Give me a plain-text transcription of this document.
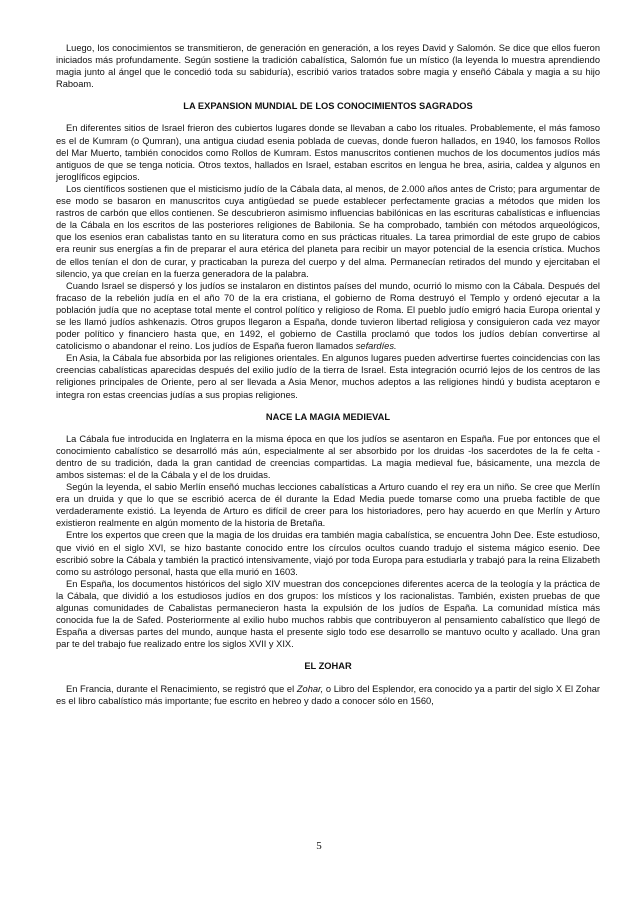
Luego, los conocimientos se transmitieron, de generación en generación, a los reyes David y Salomón. Se dice que ellos fueron iniciados más profundamente. Según sostiene la tradición cabalística, Salomón fue un místico (la leyenda lo muestra aprendiendo magia junto al ángel que le concedió toda su sabiduría), escribió varios tratados sobre magia y enseñó Cábala y magia a su hijo Raboam.

LA EXPANSION MUNDIAL DE LOS CONOCIMIENTOS SAGRADOS

En diferentes sitios de Israel frieron des cubiertos lugares donde se llevaban a cabo los rituales. Probablemente, el más famoso es el de Kumram (o Qumran), una antigua ciudad esenia poblada de cuevas, donde fueron hallados, en 1940, los famosos Rollos del Mar Muerto, también conocidos como Rollos de Kumram. Estos manuscritos contienen muchos de los documentos judíos más antiguos de que se tenga noticia. Otros textos, hallados en Israel, estaban escritos en lengua he brea, asiria, caldea y algunos en jeroglíficos egipcios.

Los científicos sostienen que el misticismo judío de la Cábala data, al menos, de 2.000 años antes de Cristo; para argumentar de ese modo se basaron en manuscritos cuya antigüedad se puede establecer perfectamente gracias a métodos que miden los rastros de carbón que ellos contienen. Se descubrieron asimismo influencias babilónicas en las escrituras cabalísticas e influencias de la Cábala en los escritos de las posteriores religiones de Babilonia. Se ha comprobado, también con métodos arqueológicos, que los esenios eran cabalistas tanto en su literatura como en sus prácticas rituales. La tarea primordial de este grupo de cabios era reunir sus energías a fin de preparar el aura etérica del planeta para recibir un mayor potencial de la esencia crística. Muchos de ellos tenían el don de curar, y practicaban la pureza del cuerpo y del alma. Permanecían retirados del mundo y ejercitaban el silencio, ya que creían en la fuerza generadora de la palabra.

Cuando Israel se dispersó y los judíos se instalaron en distintos países del mundo, ocurrió lo mismo con la Cábala. Después del fracaso de la rebelión judía en el año 70 de la era cristiana, el gobierno de Roma destruyó el Templo y ordenó ejecutar a la población judía que no aceptase total mente el control político y religioso de Roma. El pueblo judío emigró hacia Europa oriental y se les llamó judíos ashkenazis. Otros grupos llegaron a España, donde tuvieron libertad religiosa y consiguieron cada vez mayor poder político y financiero hasta que, en 1492, el gobierno de Castilla proclamó que todos los judíos debían convertirse al catolicismo o abandonar el reino. Los judíos de España fueron llamados sefardíes.

En Asia, la Cábala fue absorbida por las religiones orientales. En algunos lugares pueden advertirse fuertes coincidencias con las creencias cabalísticas aparecidas después del exilio judío de la tierra de Israel. Esta integración ocurrió lejos de los centros de las religiones principales de Oriente, pero al ser llevada a Asia Menor, muchos adeptos a las religiones hindú y budista aceptaron e integra ron estas creencias judías a sus propias religiones.

NACE LA MAGIA MEDIEVAL

La Cábala fue introducida en Inglaterra en la misma época en que los judíos se asentaron en España. Fue por entonces que el conocimiento cabalístico se desarrolló más aún, especialmente al ser absorbido por los druidas -los sacerdotes de la fe celta - dentro de su tradición, dada la gran cantidad de creencias compartidas. La magia medieval fue, básicamente, una mezcla de ambos sistemas: el de la Cábala y el de los druidas.

Según la leyenda, el sabio Merlín enseñó muchas lecciones cabalísticas a Arturo cuando el rey era un niño. Se cree que Merlín era un druida y que lo que se escribió acerca de él durante la Edad Media puede tomarse como una prueba factible de que verdaderamente existió. La leyenda de Arturo es difícil de creer para los historiadores, pero hay acuerdo en que Merlín y Arturo existieron realmente en algún momento de la historia de Bretaña.

Entre los expertos que creen que la magia de los druidas era también magia cabalística, se encuentra John Dee. Este estudioso, que vivió en el siglo XVI, se hizo bastante conocido entre los círculos ocultos cuando tradujo el sistema mágico esenio. Dee escribió sobre la Cábala y también la practicó intensivamente, viajó por toda Europa para estudiarla y trabajó para la reina Elizabeth como su astrólogo personal, hasta que ella murió en 1603.

En España, los documentos históricos del siglo XIV muestran dos concepciones diferentes acerca de la teología y la práctica de la Cábala, que dividió a los estudiosos judíos en dos grupos: los místicos y los racionalistas. También, existen pruebas de que algunas comunidades de Cabalistas permanecieron hasta la expulsión de los judíos de España. La comunidad mística más conocida fue la de Safed. Posteriormente al exilio hubo muchos rabbis que contribuyeron al pensamiento cabalístico que llegó de España a diversas partes del mundo, aunque hasta el presente siglo todo ese desarrollo se mantuvo oculto y acallado. Una gran par te del trabajo fue realizado entre los siglos XVII y XIX.

EL ZOHAR

En Francia, durante el Renacimiento, se registró que el Zohar, o Libro del Esplendor, era conocido ya a partir del siglo X El Zohar es el libro cabalístico más importante; fue escrito en hebreo y dado a conocer sólo en 1560,

5
